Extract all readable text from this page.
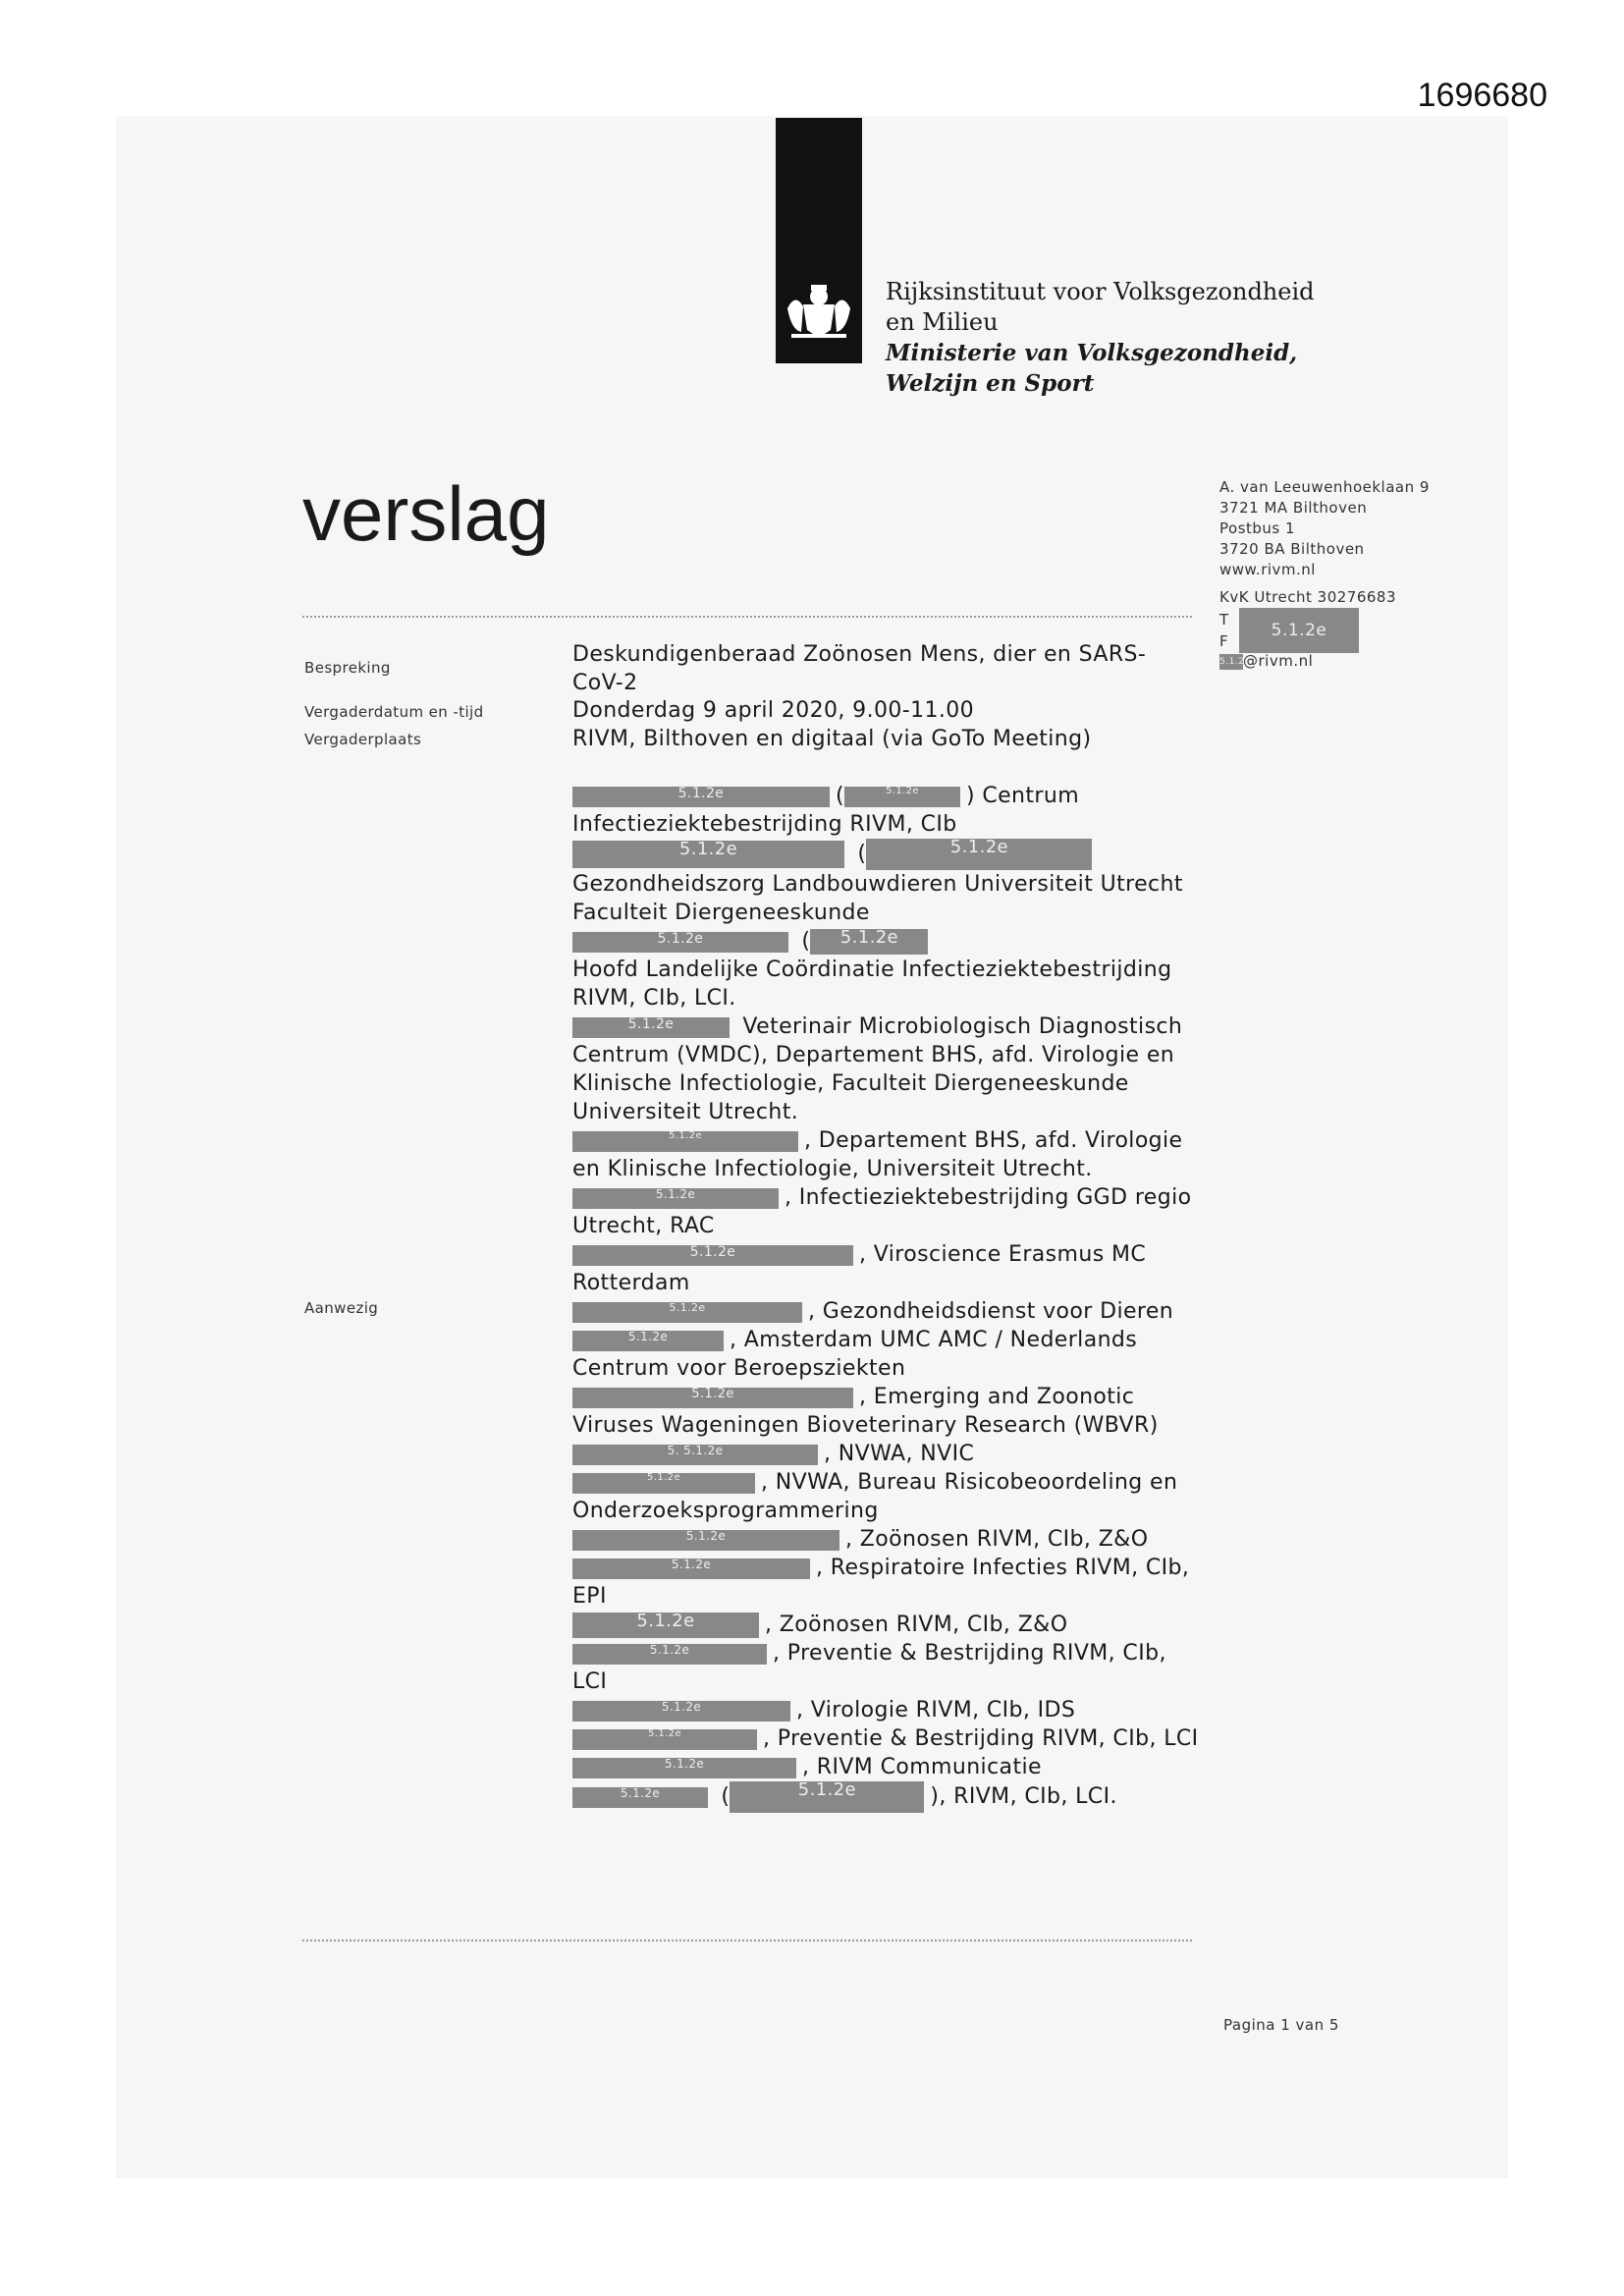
1696680
Rijksinstituut voor Volksgezondheid
en Milieu
Ministerie van Volksgezondheid,
Welzijn en Sport
verslag	A. van Leeuwenhoeklaan 9
3721 MA Bilthoven
Postbus 1
3720 BA Bilthoven
www.rivm.nl
KvK Utrecht 30276683
T
F
5.1.2e
5.1.2e@rivm.nl
Bespreking
Deskundigenberaad Zoönosen Mens, dier en SARS-CoV-2
Vergaderdatum en -tijd	Donderdag 9 april 2020, 9.00-11.00
Vergaderplaats	RIVM, Bilthoven en digitaal (via GoTo Meeting)
Aanwezig
5.1.2e	(	5.1.2e ) Centrum Infectieziektebestrijding RIVM, CIb
5.1.2e	(	5.1.2e
Gezondheidszorg Landbouwdieren Universiteit Utrecht Faculteit Diergeneeskunde
5.1.2e	( 5.1.2e
Hoofd Landelijke Coördinatie Infectieziektebestrijding RIVM, CIb, LCI.
5.1.2e	Veterinair Microbiologisch Diagnostisch Centrum (VMDC), Departement BHS, afd. Virologie en Klinische Infectiologie, Faculteit Diergeneeskunde Universiteit Utrecht.
5.1.2e	, Departement BHS, afd. Virologie en Klinische Infectiologie, Universiteit Utrecht.
5.1.2e	, Infectieziektebestrijding GGD regio Utrecht, RAC
5.1.2e	, Viroscience Erasmus MC Rotterdam
5.1.2e	, Gezondheidsdienst voor Dieren
5.1.2e	, Amsterdam UMC AMC / Nederlands Centrum voor Beroepsziekten
5.1.2e	, Emerging and Zoonotic Viruses Wageningen Bioveterinary Research (WBVR)
5. 5.1.2e	, NVWA, NVIC
5.1.2e	, NVWA, Bureau Risicobeoordeling en Onderzoeksprogrammering
5.1.2e	, Zoönosen RIVM, CIb, Z&O
5.1.2e	, Respiratoire Infecties RIVM, CIb, EPI
5.1.2e	, Zoönosen RIVM, CIb, Z&O
5.1.2e	, Preventie & Bestrijding RIVM, CIb, LCI
5.1.2e	, Virologie RIVM, CIb, IDS
5.1.2e	, Preventie & Bestrijding RIVM, CIb, LCI
5.1.2e	, RIVM Communicatie
5.1.2e (	5.1.2e	), RIVM, CIb, LCI.
Pagina 1 van 5
